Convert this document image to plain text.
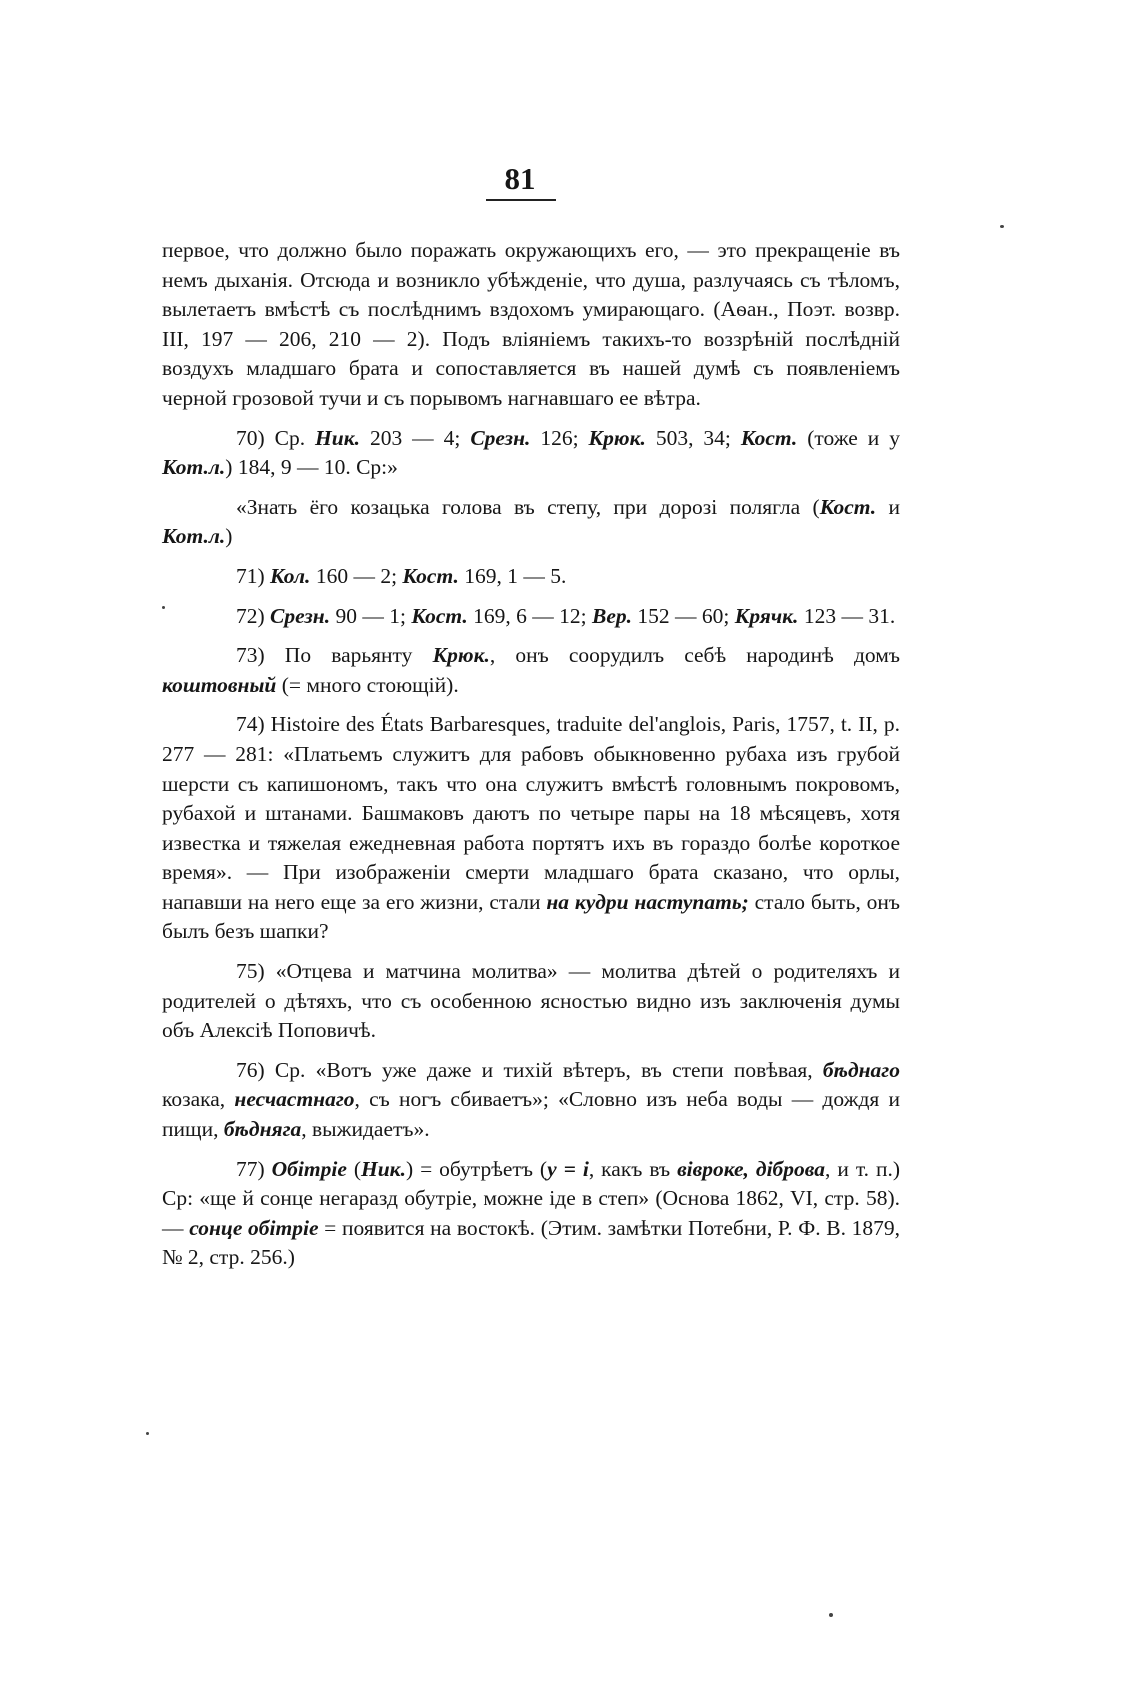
81

первое, что должно было поражать окружающихъ его, — это прекращеніе въ немъ дыханія. Отсюда и возникло убѣжденіе, что душа, разлучаясь съ тѣломъ, вылетаетъ вмѣстѣ съ послѣднимъ вздохомъ умирающаго. (Аѳан., Поэт. возвр. III, 197 — 206, 210 — 2). Подъ вліяніемъ такихъ-то воззрѣній послѣдній воздухъ младшаго брата и сопоставляется въ нашей думѣ съ появленіемъ черной грозовой тучи и съ порывомъ нагнавшаго ее вѣтра.

70) Ср. Ник. 203 — 4; Срезн. 126; Крюк. 503, 34; Кост. (тоже и у Кот.л.) 184, 9 — 10. Ср:»

«Знать ёго козацька голова въ степу, при дорозі полягла (Кост. и Кот.л.)

71) Кол. 160 — 2; Кост. 169, 1 — 5.

72) Срезн. 90 — 1; Кост. 169, 6 — 12; Вер. 152 — 60; Крячк. 123 — 31.

73) По варьянту Крюк., онъ соорудилъ себѣ народинѣ домъ коштовный (= много стоющій).

74) Histoire des États Barbaresques, traduite del'anglois, Paris, 1757, t. II, p. 277 — 281: «Платьемъ служитъ для рабовъ обыкновенно рубаха изъ грубой шерсти съ капишономъ, такъ что она служитъ вмѣстѣ головнымъ покровомъ, рубахой и штанами. Башмаковъ даютъ по четыре пары на 18 мѣсяцевъ, хотя известка и тяжелая ежедневная работа портятъ ихъ въ гораздо болѣе короткое время». — При изображеніи смерти младшаго брата сказано, что орлы, напавши на него еще за его жизни, стали на кудри наступать; стало быть, онъ былъ безъ шапки?

75) «Отцева и матчина молитва» — молитва дѣтей о родителяхъ и родителей о дѣтяхъ, что съ особенною ясностью видно изъ заключенія думы объ Алексіѣ Поповичѣ.

76) Ср. «Вотъ уже даже и тихій вѣтеръ, въ степи повѣвая, бѣднаго козака, несчастнаго, съ ногъ сбиваетъ»; «Словно изъ неба воды — дождя и пищи, бѣдняга, выжидаетъ».

77) Обітріе (Ник.) = обутрѣетъ (у = і, какъ въ вівроке, діброва, и т. п.) Ср: «ще й сонце негаразд обутріе, можне іде в степ» (Основа 1862, VI, стр. 58). — сонце обітріе = появится на востокѣ. (Этим. замѣтки Потебни, Р. Ф. В. 1879, № 2, стр. 256.)
